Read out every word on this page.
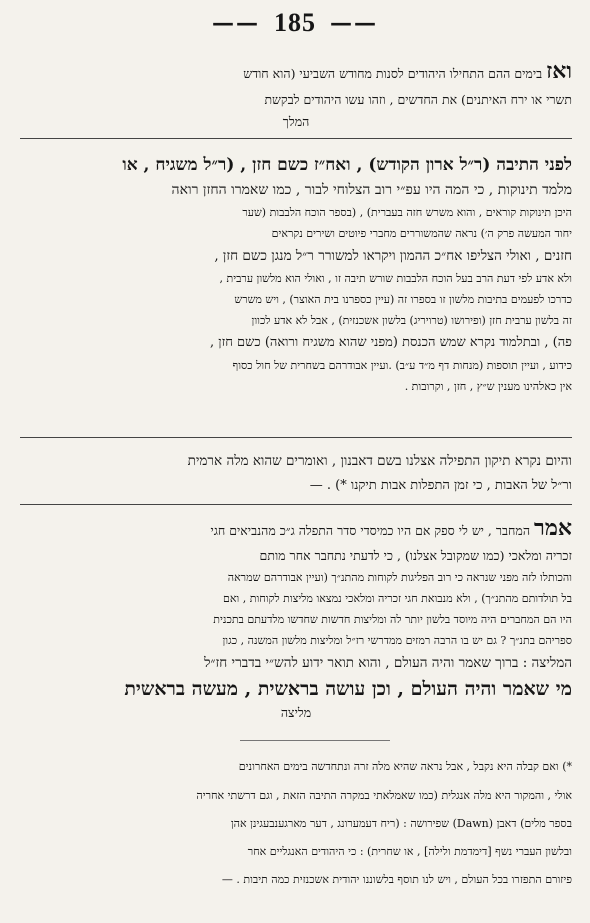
—— 185 ——
ואז בימים ההם התחילו היהודים לסנות מחודש השביעי (הוא חודש
תשרי או ירח האיתנים) את החדשים , וזהו עשו היהודים לבקשת
המלך
לפני התיבה (ר״ל ארון הקודש) , ואח״ז כשם חזן , (ר״ל משגיח , או
מלמד תינוקות , כי המה היו עפ״י רוב הצלוחי לבור , כמו שאמרו החזן רואה
היכן תינוקות קוראים , והוא משרש חזה בעברית) , (בספר הוכח הלבבות (שער
יחוד המעשה פרק ה׳) נראה שהמשוררים מחברי פיוטים ושירים נקראים
חזנים , ואולי הצליפו אח״כ ההמון ויקראו למשורר ר״ל מנגן כשם חזן ,
ולא אדע לפי דעת הרב בעל הוכח הלבבות שורש תיבה זו , ואולי הוא מלשון ערבית ,
כדרכו לפעמים בתיבות מלשון זו בספרו זה (עיין כספרנו בית האוצר) , ויש משרש
זה בלשון ערבית חזן (ופירושו (טרויריג) בלשון אשכנזית) , אבל לא אדע לכוון
פה) , ובתלמוד נקרא שמש הכנסת (מפני שהוא משגיח ורואה) כשם חזן ,
כידוע , ועיין תוספות (מנחות דף מ״ד ע״ב) .ועיין אבודרהם בשחרית של חול כסוף
אין כאלהינו מענין ש״ץ , חזן , וקרובות .
והיום נקרא תיקון התפילה אצלנו בשם דאבנון , ואומרים שהוא מלה ארמית
ור״ל של האבות , כי זמן התפלות אבות תיקנו *) . —
אמר המחבר , יש לי ספק אם היו כמיסדי סדר התפלה ג״כ מהנביאים חגי
זכריה ומלאכי (כמו שמקובל אצלנו) , כי לדעתי נתחבר אחר מותם
והכותלו לזה מפני שנראה כי רוב הפליגות לקוחות מהתנ״ך (ועיין אבודרהם שמראה
בל תולדותם מהתנ״ך) , ולא מנבואת חגי זכריה ומלאכי נמצאו מליצות לקוחות , ואם
היו הם המחברים היה מיוסד בלשון יותר לה ומליצות חדשות שחדשו מלדעתם בתכנית
ספריהם בתנ״ך ? גם יש בו הרבה רמזים ממדרשי רז״ל ומליצות מלשון המשנה , כגון
המליצה : ברוך שאמר והיה העולם , והוא תואר ידוע להש״י בדברי חז״ל
מי שאמר והיה העולם , וכן עושה בראשית , מעשה בראשית
מליצה
*) ואם קבלה היא נקבל , אבל נראה שהיא מלה זרה ונתחדשה בימים האחרונים
אולי , והמקור היא מלה אנגלית (כמו שאמלאתי במקרה התיבה הזאת , וגם דרשתי אחריה
בספר מלים) דאבן (Dawn) שפירושה : (ריח דעמערונג , דער מארגענבעגינן אהן
ובלשון העברי נשף [דימדמת ולילה] , או שחרית) : כי היהודים האנגליים אחר
פיזורם התפזרו בכל העולם , ויש לנו תוסף בלשוננו יהודית אשכנזית כמה תיבות . —
